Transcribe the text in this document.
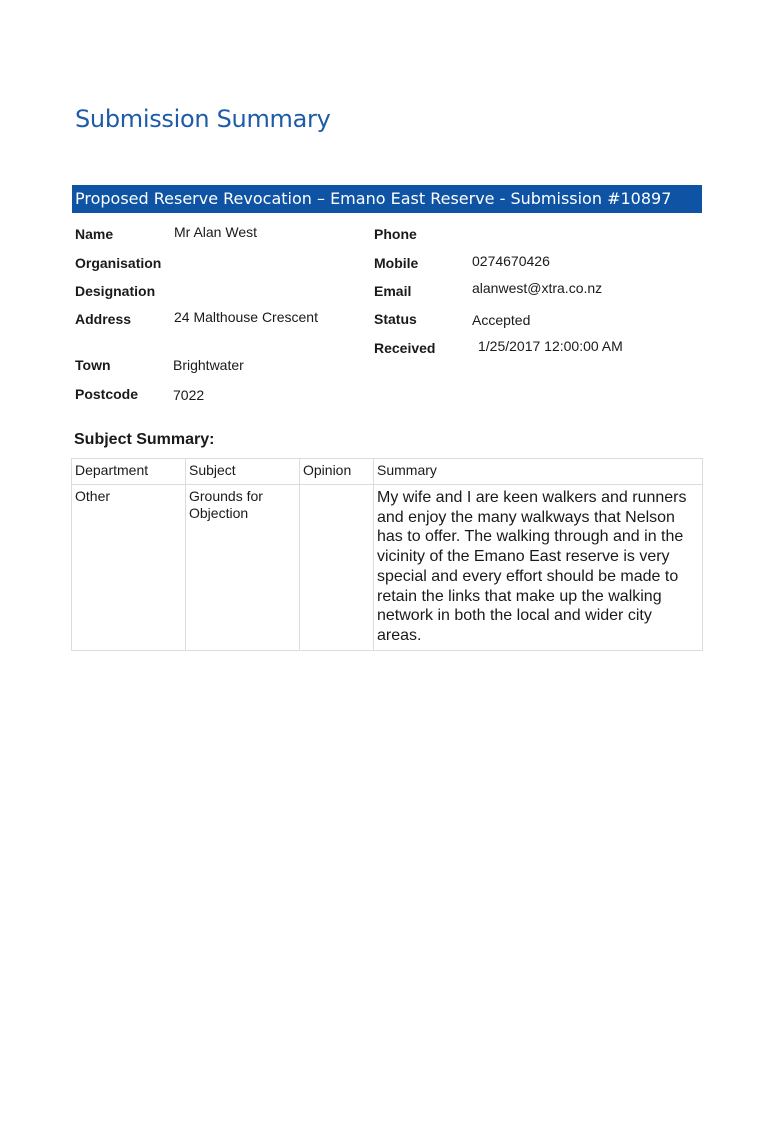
Submission Summary
Proposed Reserve Revocation – Emano East Reserve - Submission #10897
Name	Mr Alan West
Organisation
Designation
Address	24 Malthouse Crescent
Town	Brightwater
Postcode 7022
Phone
Mobile	0274670426
Email	alanwest@xtra.co.nz
Status	Accepted
Received	1/25/2017 12:00:00 AM
Subject Summary:
Department	Subject	Opinion	Summary
Other	Grounds for Objection		My wife and I are keen walkers and runners and enjoy the many walkways that Nelson has to offer. The walking through and in the vicinity of the Emano East reserve is very special and every effort should be made to retain the links that make up the walking network in both the local and wider city areas.
